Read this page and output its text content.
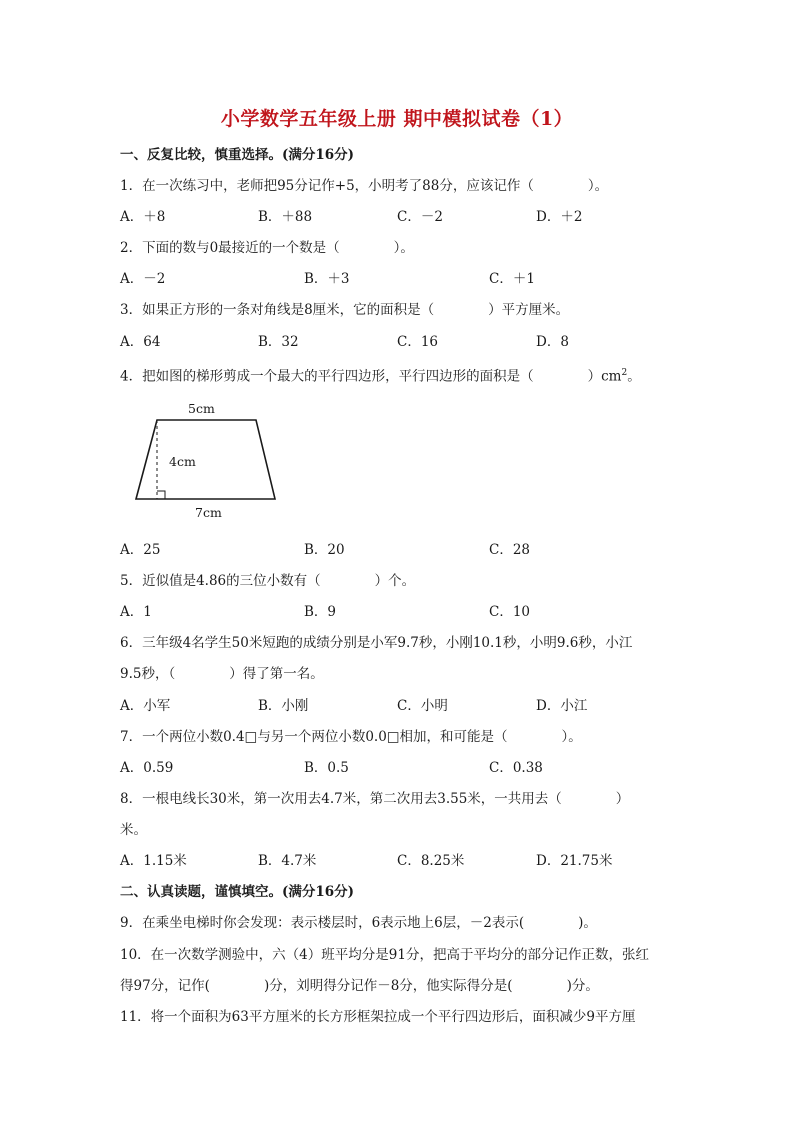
小学数学五年级上册 期中模拟试卷（1）
一、反复比较，慎重选择。(满分16分)
1．在一次练习中，老师把95分记作+5，小明考了88分，应该记作（　　　　）。
A．＋8	B．＋88	C．－2	D．＋2
2．下面的数与0最接近的一个数是（　　　　）。
A．－2	B．＋3	C．＋1
3．如果正方形的一条对角线是8厘米，它的面积是（　　　　）平方厘米。
A．64	B．32	C．16	D．8
4．把如图的梯形剪成一个最大的平行四边形，平行四边形的面积是（　　　　）$cm^2$。
5cm
4cm
7cm
A．25	B．20	C．28
5．近似值是4.86的三位小数有（　　　　）个。
A．1	B．9	C．10
6．三年级4名学生50米短跑的成绩分别是小军9.7秒，小刚10.1秒，小明9.6秒，小江
9.5秒，（　　　　）得了第一名。
A．小军	B．小刚	C．小明	D．小江
7．一个两位小数0.4□与另一个两位小数0.0□相加，和可能是（　　　　）。
A．0.59	B．0.5	C．0.38
8．一根电线长30米，第一次用去4.7米，第二次用去3.55米，一共用去（　　　　）
米。
A．1.15米	B．4.7米	C．8.25米	D．21.75米
二、认真读题，谨慎填空。(满分16分)
9．在乘坐电梯时你会发现：表示楼层时，6表示地上6层，－2表示(　　　　)。
10．在一次数学测验中，六（4）班平均分是91分，把高于平均分的部分记作正数，张红
得97分，记作(　　　　)分，刘明得分记作－8分，他实际得分是(　　　　)分。
11．将一个面积为63平方厘米的长方形框架拉成一个平行四边形后，面积减少9平方厘
